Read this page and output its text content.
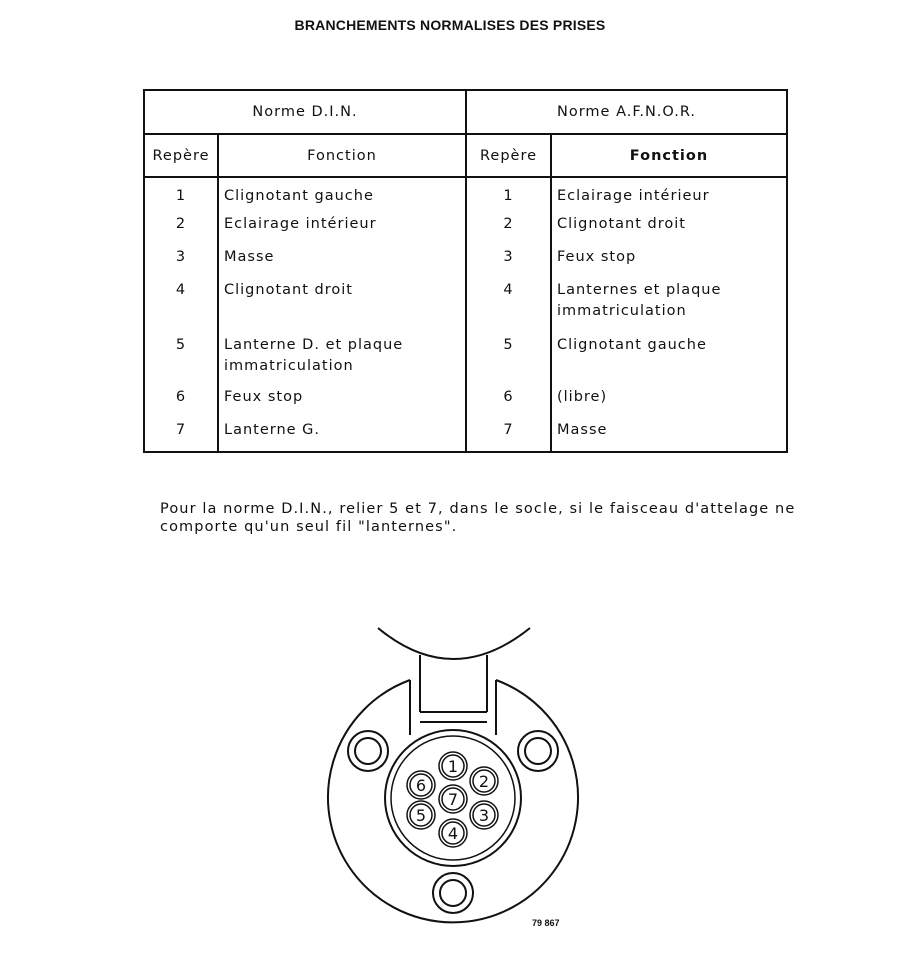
BRANCHEMENTS NORMALISES DES PRISES
Norme D.I.N.		Norme A.F.N.O.R.	
Repère	Fonction	Repère	Fonction
1	Clignotant gauche	1	Eclairage intérieur
2	Eclairage intérieur	2	Clignotant droit
3	Masse	3	Feux stop
4	Clignotant droit	4	Lanternes et plaque immatriculation
5	Lanterne D. et plaque immatriculation	5	Clignotant gauche
6	Feux stop	6	(libre)
7	Lanterne G.	7	Masse
Pour la norme D.I.N., relier 5 et 7, dans le socle, si le faisceau d'attelage ne comporte qu'un seul fil "lanternes".
1
2
3
4
5
6
7
79 867
